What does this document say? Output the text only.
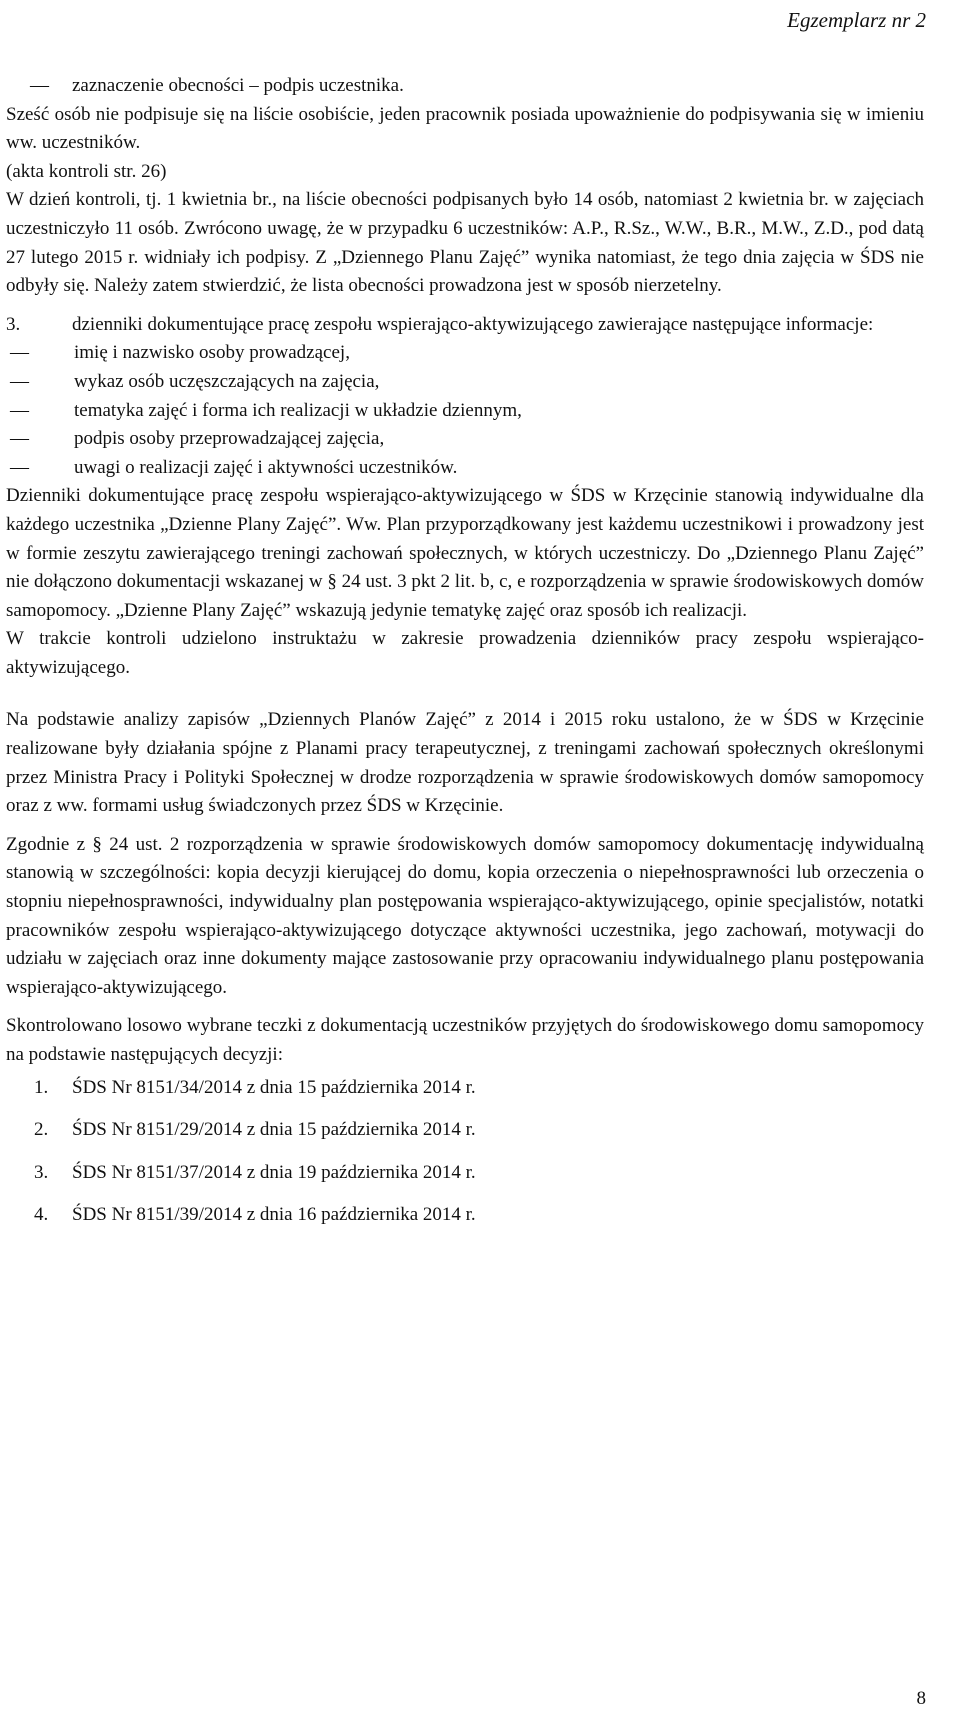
Egzemplarz nr 2

—
zaznaczenie obecności – podpis uczestnika.

Sześć osób nie podpisuje się na liście osobiście, jeden pracownik posiada upoważnienie do podpisywania się w imieniu ww. uczestników.

(akta kontroli str. 26)

W dzień kontroli, tj. 1 kwietnia br., na liście obecności podpisanych było 14 osób, natomiast 2 kwietnia br. w zajęciach uczestniczyło 11 osób. Zwrócono uwagę, że w przypadku 6 uczestników: A.P., R.Sz., W.W., B.R., M.W., Z.D., pod datą 27 lutego 2015 r. widniały ich podpisy. Z „Dziennego Planu Zajęć” wynika natomiast, że tego dnia zajęcia w ŚDS nie odbyły się. Należy zatem stwierdzić, że lista obecności prowadzona jest w sposób nierzetelny.

3.	dzienniki dokumentujące pracę zespołu wspierająco-aktywizującego zawierające następujące informacje:

—
imię i nazwisko osoby prowadzącej,

—
wykaz osób uczęszczających na zajęcia,

—
tematyka zajęć i forma ich realizacji w układzie dziennym,

—
podpis osoby przeprowadzającej zajęcia,

—
uwagi o realizacji zajęć i aktywności uczestników.

Dzienniki dokumentujące pracę zespołu wspierająco-aktywizującego w ŚDS w Krzęcinie stanowią indywidualne dla każdego uczestnika „Dzienne Plany Zajęć”. Ww. Plan przyporządkowany jest każdemu uczestnikowi i prowadzony jest w formie zeszytu zawierającego treningi zachowań społecznych, w których uczestniczy. Do „Dziennego Planu Zajęć” nie dołączono dokumentacji wskazanej w § 24 ust. 3 pkt 2 lit. b, c, e rozporządzenia w sprawie środowiskowych domów samopomocy. „Dzienne Plany Zajęć” wskazują jedynie tematykę zajęć oraz sposób ich realizacji.

W trakcie kontroli udzielono instruktażu w zakresie prowadzenia dzienników pracy zespołu wspierająco-aktywizującego.

Na podstawie analizy zapisów „Dziennych Planów Zajęć” z 2014 i 2015 roku ustalono, że w ŚDS w Krzęcinie realizowane były działania spójne z Planami pracy terapeutycznej, z treningami zachowań społecznych określonymi przez Ministra Pracy i Polityki Społecznej w drodze rozporządzenia w sprawie środowiskowych domów samopomocy oraz z ww. formami usług świadczonych przez ŚDS w Krzęcinie.

Zgodnie z § 24 ust. 2 rozporządzenia w sprawie środowiskowych domów samopomocy dokumentację indywidualną stanowią w szczególności: kopia decyzji kierującej do domu, kopia orzeczenia o niepełnosprawności lub orzeczenia o stopniu niepełnosprawności, indywidualny plan postępowania wspierająco-aktywizującego, opinie specjalistów, notatki pracowników zespołu wspierająco-aktywizującego dotyczące aktywności uczestnika, jego zachowań, motywacji do udziału w zajęciach oraz inne dokumenty mające zastosowanie przy opracowaniu indywidualnego planu postępowania wspierająco-aktywizującego.

Skontrolowano losowo wybrane teczki z dokumentacją uczestników przyjętych do środowiskowego domu samopomocy na podstawie następujących decyzji:

1.	ŚDS Nr 8151/34/2014 z dnia 15 października 2014 r.
2.	ŚDS Nr 8151/29/2014 z dnia 15 października 2014 r.
3.	ŚDS Nr 8151/37/2014 z dnia 19 października 2014 r.
4.	ŚDS Nr 8151/39/2014 z dnia 16 października 2014 r.
8
